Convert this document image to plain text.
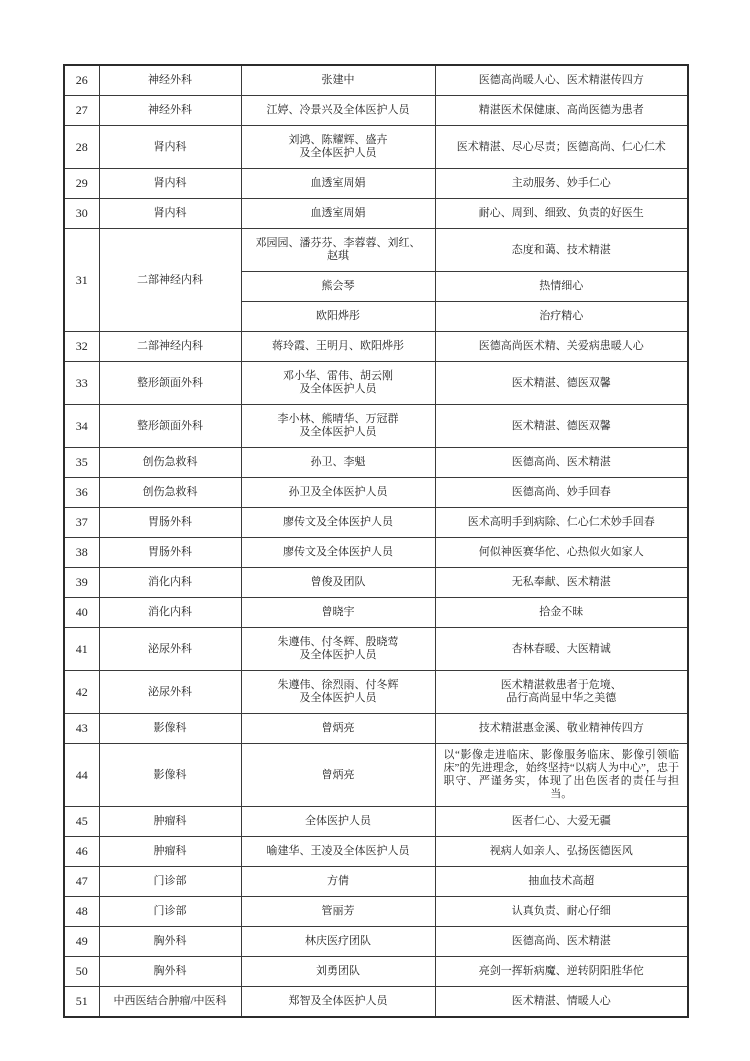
26	神经外科	张建中	医德高尚暖人心、医术精湛传四方

27	神经外科	江婷、冷景兴及全体医护人员	精湛医术保健康、高尚医德为患者

28	肾内科	刘鸿、陈耀辉、盛卉
及全体医护人员	医术精湛、尽心尽责；医德高尚、仁心仁术

29	肾内科	血透室周娟	主动服务、妙手仁心

30	肾内科	血透室周娟	耐心、周到、细致、负责的好医生

31	二部神经内科	邓园园、潘芬芬、李蓉蓉、刘红、
赵琪	态度和蔼、技术精湛

		熊会琴	热情细心

		欧阳烨彤	治疗精心

32	二部神经内科	蒋玲霞、王明月、欧阳烨彤	医德高尚医术精、关爱病患暖人心

33	整形颌面外科	邓小华、雷伟、胡云刚
及全体医护人员	医术精湛、德医双馨

34	整形颌面外科	李小林、熊晴华、万冠群
及全体医护人员	医术精湛、德医双馨

35	创伤急救科	孙卫、李魁	医德高尚、医术精湛

36	创伤急救科	孙卫及全体医护人员	医德高尚、妙手回春

37	胃肠外科	廖传文及全体医护人员	医术高明手到病除、仁心仁术妙手回春

38	胃肠外科	廖传文及全体医护人员	何似神医赛华佗、心热似火如家人

39	消化内科	曾俊及团队	无私奉献、医术精湛

40	消化内科	曾晓宇	拾金不昧

41	泌尿外科	朱遵伟、付冬辉、殷晓莺
及全体医护人员	杏林春暖、大医精诚

42	泌尿外科	朱遵伟、徐烈雨、付冬辉
及全体医护人员	医术精湛救患者于危境、
品行高尚显中华之美德

43	影像科	曾炳亮	技术精湛惠金溪、敬业精神传四方

44	影像科	曾炳亮	以“影像走进临床、影像服务临床、影像引领临床”的先进理念，始终坚持“以病人为中心”，忠于职守、严谨务实，体现了出色医者的责任与担当。

45	肿瘤科	全体医护人员	医者仁心、大爱无疆

46	肿瘤科	喻建华、王凌及全体医护人员	视病人如亲人、弘扬医德医风

47	门诊部	方倩	抽血技术高超

48	门诊部	管丽芳	认真负责、耐心仔细

49	胸外科	林庆医疗团队	医德高尚、医术精湛

50	胸外科	刘勇团队	亮剑一挥斩病魔、逆转阴阳胜华佗

51	中西医结合肿瘤/中医科	郑智及全体医护人员	医术精湛、情暖人心
